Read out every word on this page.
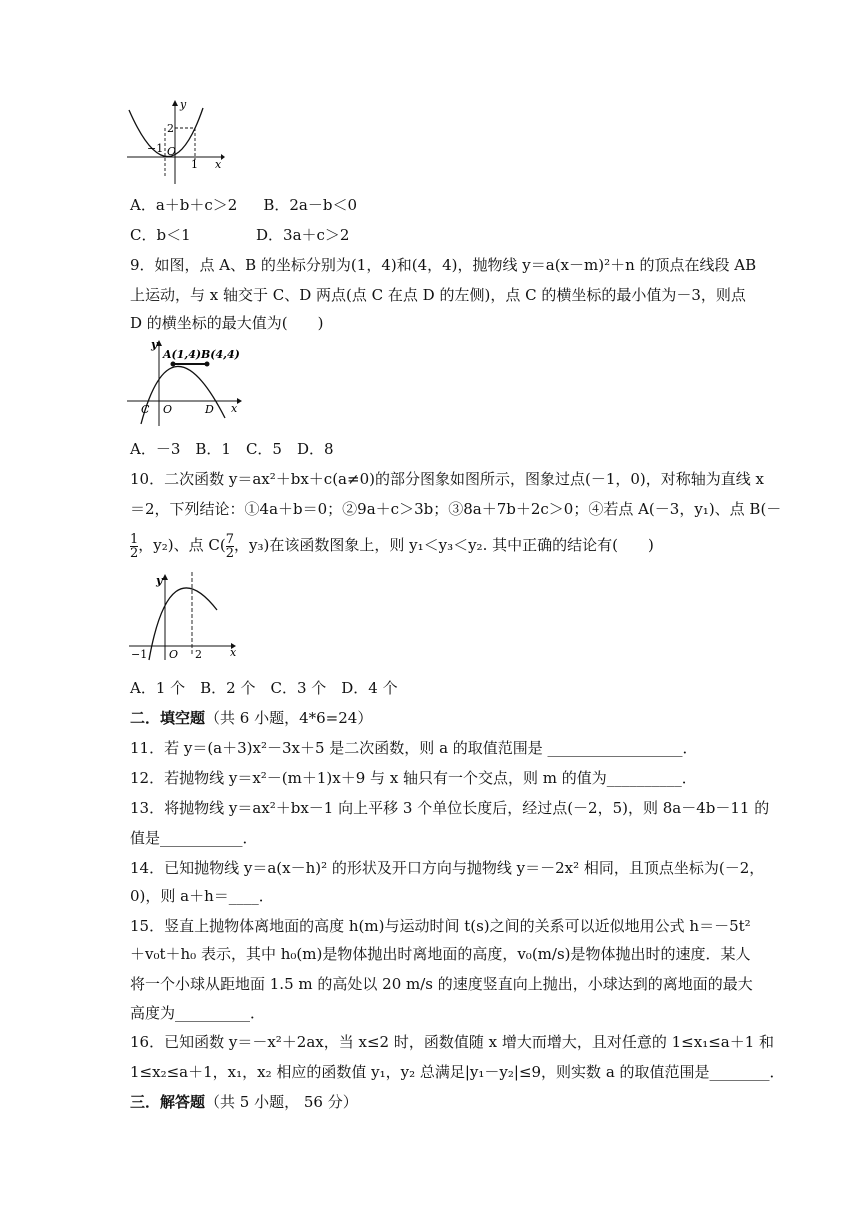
y
x
2
−1 O
1
A．a＋b＋c＞2 B．2a－b＜0
C．b＜1	D．3a＋c＞2
9．如图，点 A、B 的坐标分别为(1，4)和(4，4)，抛物线 y＝a(x－m)²＋n 的顶点在线段 AB
上运动，与 x 轴交于 C、D 两点(点 C 在点 D 的左侧)，点 C 的横坐标的最小值为－3，则点
D 的横坐标的最大值为(　　)
y
x
A(1,4) B(4,4)
C O	D
A．－3　B．1　C．5　D．8
10．二次函数 y＝ax²＋bx＋c(a≠0)的部分图象如图所示，图象过点(－1，0)，对称轴为直线 x
＝2，下列结论：①4a＋b＝0；②9a＋c＞3b；③8a＋7b＋2c＞0；④若点 A(－3，y₁)、点 B(－
$\frac{1}{2}$ ，y₂)、点 $C( \frac{7}{2}$ ，y₃)在该函数图象上，则 y₁＜y₃＜y₂. 其中正确的结论有(　　)
y
x
−1 O 2
A．1 个　B．2 个　C．3 个　D．4 个
二．填空题（共 6 小题，4*6=24）
11．若 y＝(a＋3)x²－3x＋5 是二次函数，则 a 的取值范围是 __________________．
12．若抛物线 y＝x²－(m＋1)x＋9 与 x 轴只有一个交点，则 m 的值为__________．
13．将抛物线 y＝ax²＋bx－1 向上平移 3 个单位长度后，经过点(－2，5)，则 8a－4b－11 的
值是___________．
14．已知抛物线 y＝a(x－h)² 的形状及开口方向与抛物线 y＝－2x² 相同，且顶点坐标为(－2，
0)，则 a＋h＝____．
15．竖直上抛物体离地面的高度 h(m)与运动时间 t(s)之间的关系可以近似地用公式 h＝－5t²
＋v₀t＋h₀ 表示，其中 h₀(m)是物体抛出时离地面的高度，v₀(m/s)是物体抛出时的速度．某人
将一个小球从距地面 1.5 m 的高处以 20 m/s 的速度竖直向上抛出，小球达到的离地面的最大
高度为__________．
16．已知函数 y＝－x²＋2ax，当 x≤2 时，函数值随 x 增大而增大，且对任意的 1≤x₁≤a＋1 和
1≤x₂≤a＋1，x₁，x₂ 相应的函数值 y₁，y₂ 总满足|y₁－y₂|≤9，则实数 a 的取值范围是________．
三．解答题（共 5 小题， 56 分）
